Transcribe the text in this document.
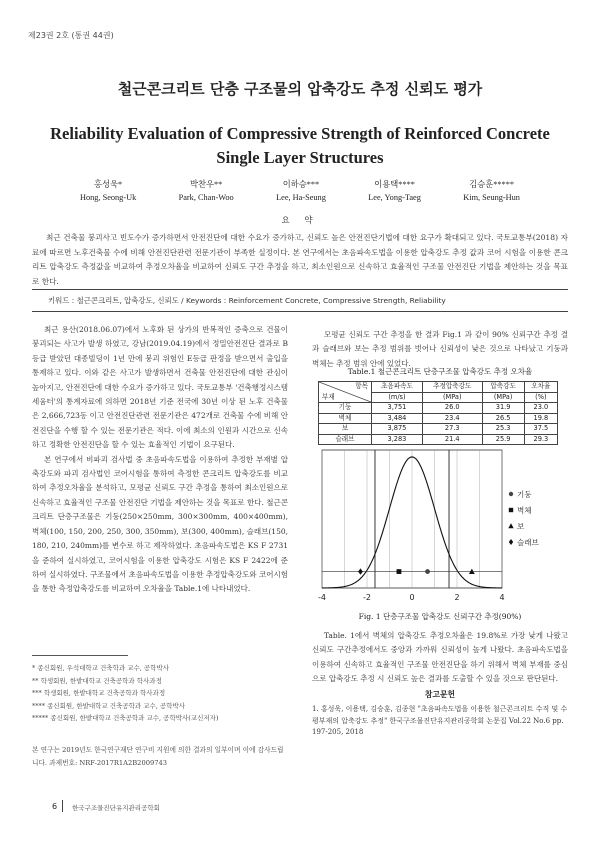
제23권 2호 (통권 44권)
철근콘크리트 단층 구조물의 압축강도 추정 신뢰도 평가
Reliability Evaluation of Compressive Strength of Reinforced Concrete
Single Layer Structures
홍성욱*
Hong, Seong-Uk
박찬우**
Park, Chan-Woo
이하승***
Lee, Ha-Seung
이용택****
Lee, Yong-Taeg
김승훈*****
Kim, Seung-Hun
요 약
최근 건축물 붕괴사고 빈도수가 증가하면서 안전진단에 대한 수요가 증가하고, 신뢰도 높은 안전진단기법에 대한 요구가 확대되고 있다. 국토교통부(2018) 자료에 따르면 노후건축물 수에 비해 안전진단관련 전문기관이 부족한 실정이다. 본 연구에서는 초음파속도법을 이용한 압축강도 추정 값과 코어 시험을 이용한 콘크리트 압축강도 측정값을 비교하여 추정오차율을 비교하여 신뢰도 구간 추정을 하고, 최소인원으로 신속하고 효율적인 구조물 안전진단 기법을 제안하는 것을 목표로 한다.
키워드 : 철근콘크리트, 압축강도, 신뢰도 / Keywords : Reinforcement Concrete, Compressive Strength, Reliability

최근 용산(2018.06.07)에서 노후화 된 상가의 반복적인 증축으로 건물이 붕괴되는 사고가 발생 하였고, 강남(2019.04.19)에서 정밀안전진단 결과로 B등급 받았던 대종빌딩이 1년 만에 붕괴 위험인 E등급 판정을 받으면서 출입을 통제하고 있다. 이와 같은 사고가 발생하면서 건축물 안전진단에 대한 관심이 높아지고, 안전진단에 대한 수요가 증가하고 있다. 국토교통부 '건축행정시스템 세움터'의 통계자료에 의하면 2018년 기준 전국에 30년 이상 된 노후 건축물은 2,666,723동 이고 안전진단관련 전문기관은 472개로 건축물 수에 비해 안전진단을 수행 할 수 있는 전문기관은 적다. 이에 최소의 인원과 시간으로 신속하고 정확한 안전진단을 할 수 있는 효율적인 기법이 요구된다.

본 연구에서 비파괴 검사법 중 초음파속도법을 이용하여 추정한 부재별 압축강도와 파괴 검사법인 코어시험을 통하여 측정한 콘크리트 압축강도를 비교하여 추정오차율을 분석하고, 모평균 신뢰도 구간 추정을 통하여 최소인원으로 신속하고 효율적인 구조물 안전진단 기법을 제안하는 것을 목표로 한다. 철근콘크리트 단층구조물은 기둥(250×250mm, 300×300mm, 400×400mm), 벽체(100, 150, 200, 250, 300, 350mm), 보(300, 400mm), 슬래브(150, 180, 210, 240mm)를 변수로 하고 제작하였다. 초음파속도법은 KS F 2731을 준하여 실시하였고, 코어시험을 이용한 압축강도 시험은 KS F 2422에 준하여 실시하였다. 구조물에서 초음파속도법을 이용한 추정압축강도와 코어시험을 통한 측정압축강도를 비교하여 오차율을 Table.1에 나타내었다.

* 종신회원, 우석대학교 건축학과 교수, 공학박사
** 학생회원, 한밭대학교 건축공학과 학사과정
*** 학생회원, 한밭대학교 건축공학과 학사과정
**** 종신회원, 한밭대학교 건축공학과 교수, 공학박사
***** 종신회원, 한밭대학교 건축공학과 교수, 공학박사(교신저자)
본 연구는 2019년도 한국연구재단 연구비 지원에 의한 결과의 일부이며 이에 감사드립니다. 과제번호: NRF-2017R1A2B2009743

모평균 신뢰도 구간 추정을 한 결과 Fig.1 과 같이 90% 신뢰구간 추정 결과 슬래브와 보는 추정 범위를 벗어나 신뢰성이 낮은 것으로 나타났고 기둥과 벽체는 추정 범위 안에 있었다.

Table.1 철근콘크리트 단층구조물 압축강도 추정 오차율
항목
부재	초음파속도	추정압축강도	압축강도	오차율
	(m/s)	(MPa)	(MPa)	(%)
기둥	3,751	26.0	31.9	23.0
벽체	3,484	23.4	26.5	19.8
보	3,875	27.3	25.3	37.5
슬래브	3,283	21.4	25.9	29.3
-4	-2	0	2	4
기둥
벽체
보
슬래브
Fig. 1 단층구조물 압축강도 신뢰구간 추정(90%)

Table. 1에서 벽체의 압축강도 추정오차율은 19.8%로 가장 낮게 나왔고 신뢰도 구간추정에서도 중앙과 가까워 신뢰성이 높게 나왔다. 초음파속도법을 이용하여 신속하고 효율적인 구조물 안전진단을 하기 위해서 벽체 부재를 중심으로 압축강도 추정 시 신뢰도 높은 결과를 도출할 수 있을 것으로 판단된다.

참고문헌
1. 홍성욱, 이용택, 김승훈, 김종현 "초음파속도법을 이용한 철근콘크리트 수직 및 수평부재의 압축강도 추정" 한국구조물진단유지관리공학회 논문집 Vol.22 No.6 pp. 197-205, 2018
6 한국구조물진단유지관리공학회
